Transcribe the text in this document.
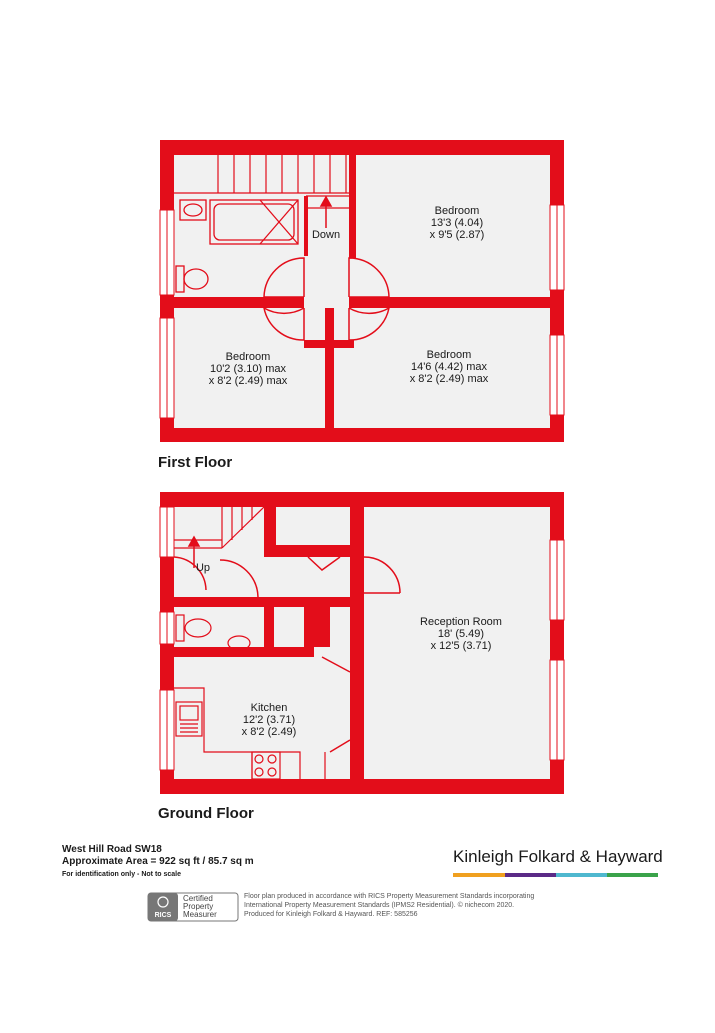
Down
Bedroom
13'3 (4.04)
x 9'5 (2.87)
Bedroom
10'2 (3.10) max
x 8'2 (2.49) max
Bedroom
14'6 (4.42) max
x 8'2 (2.49) max
First Floor
Up
Reception Room
18' (5.49)
x 12'5 (3.71)
Kitchen
12'2 (3.71)
x 8'2 (2.49)
Ground Floor
West Hill Road SW18
Approximate Area = 922 sq ft / 85.7 sq m
For identification only - Not to scale
Kinleigh Folkard & Hayward
RICS
Certified
Property
Measurer
Floor plan produced in accordance with RICS Property Measurement Standards incorporating
International Property Measurement Standards (IPMS2 Residential). © nichecom 2020.
Produced for Kinleigh Folkard & Hayward. REF: 585256
